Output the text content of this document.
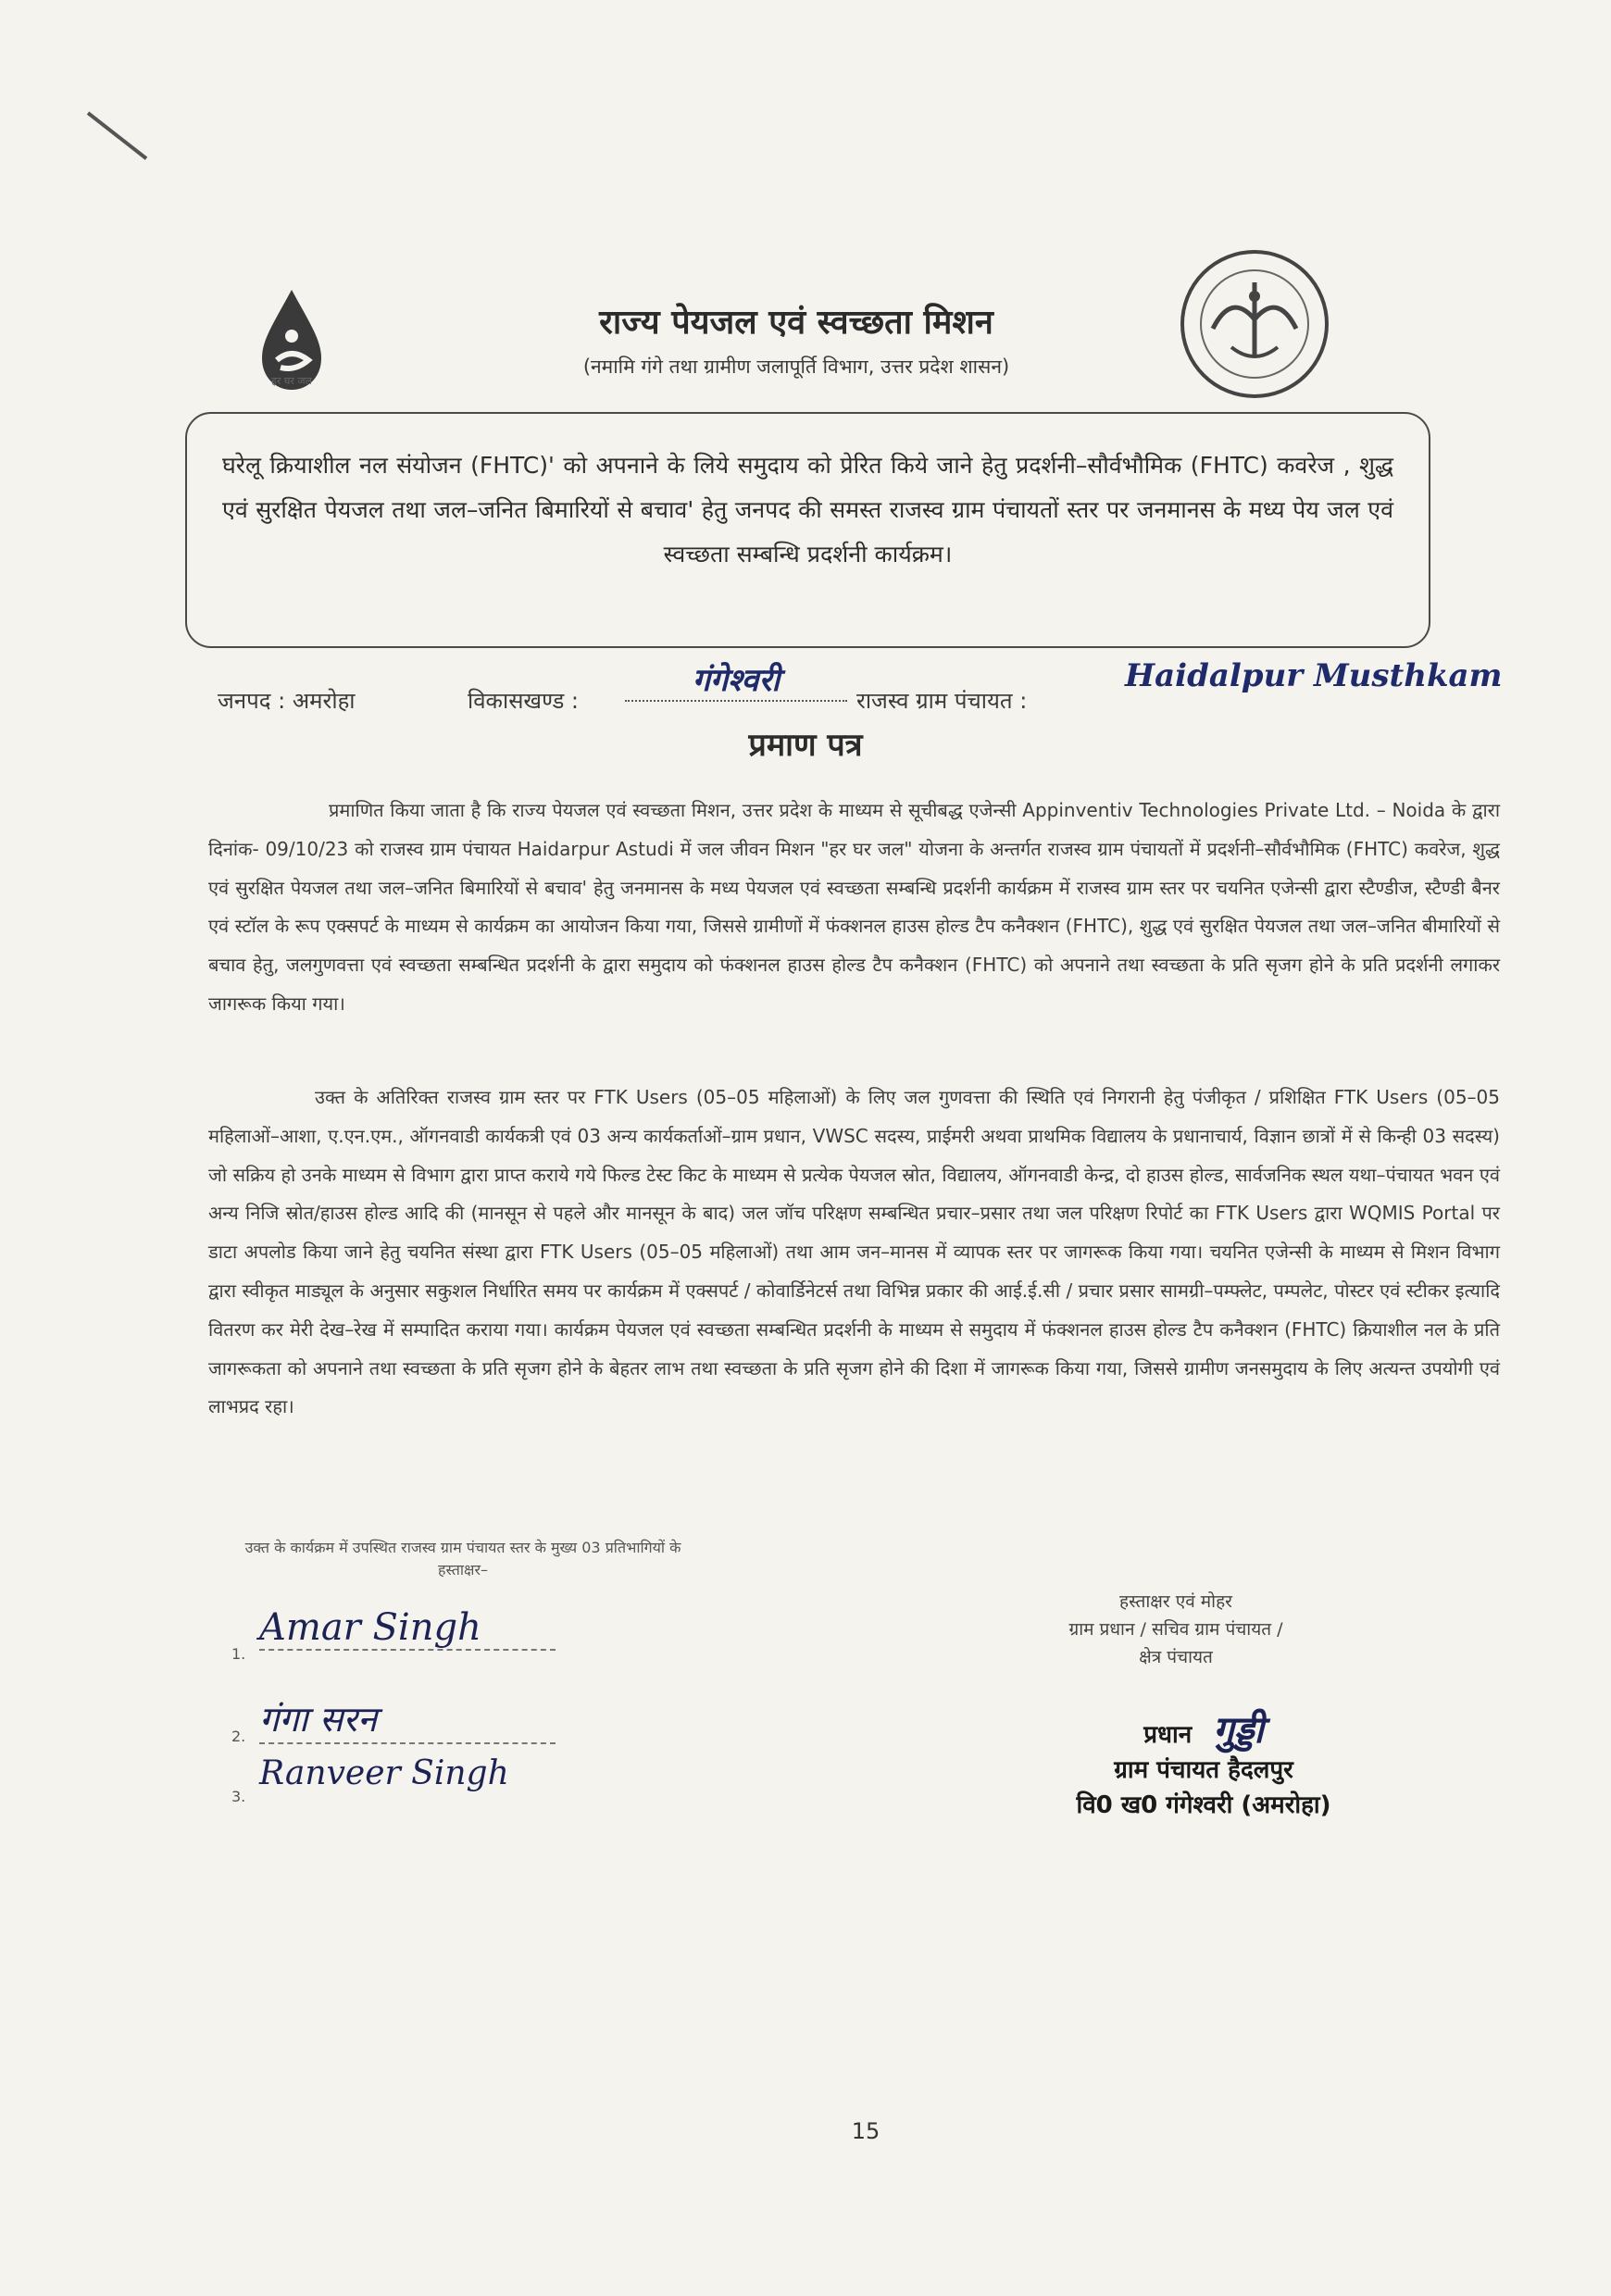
हर घर जल
राज्य पेयजल एवं स्वच्छता मिशन
(नमामि गंगे तथा ग्रामीण जलापूर्ति विभाग, उत्तर प्रदेश शासन)
घरेलू क्रियाशील नल संयोजन (FHTC)' को अपनाने के लिये समुदाय को प्रेरित किये जाने हेतु प्रदर्शनी–सौर्वभौमिक (FHTC) कवरेज , शुद्ध एवं सुरक्षित पेयजल तथा जल–जनित बिमारियों से बचाव' हेतु जनपद की समस्त राजस्व ग्राम पंचायतों स्तर पर जनमानस के मध्य पेय जल एवं स्वच्छता सम्बन्धि प्रदर्शनी कार्यक्रम।
जनपद : अमरोहा	विकासखण्ड :
गंगेश्वरी
राजस्व ग्राम पंचायत :
Haidalpur Musthkam
प्रमाण पत्र
प्रमाणित किया जाता है कि राज्य पेयजल एवं स्वच्छता मिशन, उत्तर प्रदेश के माध्यम से सूचीबद्ध एजेन्सी Appinventiv Technologies Private Ltd. – Noida के द्वारा दिनांक- 09/10/23 को राजस्व ग्राम पंचायत Haidarpur Astudi में जल जीवन मिशन "हर घर जल" योजना के अन्तर्गत राजस्व ग्राम पंचायतों में प्रदर्शनी–सौर्वभौमिक (FHTC) कवरेज, शुद्ध एवं सुरक्षित पेयजल तथा जल–जनित बिमारियों से बचाव' हेतु जनमानस के मध्य पेयजल एवं स्वच्छता सम्बन्धि प्रदर्शनी कार्यक्रम में राजस्व ग्राम स्तर पर चयनित एजेन्सी द्वारा स्टैण्डीज, स्टैण्डी बैनर एवं स्टॉल के रूप एक्सपर्ट के माध्यम से कार्यक्रम का आयोजन किया गया, जिससे ग्रामीणों में फंक्शनल हाउस होल्ड टैप कनैक्शन (FHTC), शुद्ध एवं सुरक्षित पेयजल तथा जल–जनित बीमारियों से बचाव हेतु, जलगुणवत्ता एवं स्वच्छता सम्बन्धित प्रदर्शनी के द्वारा समुदाय को फंक्शनल हाउस होल्ड टैप कनैक्शन (FHTC) को अपनाने तथा स्वच्छता के प्रति सृजग होने के प्रति प्रदर्शनी लगाकर जागरूक किया गया।
उक्त के अतिरिक्त राजस्व ग्राम स्तर पर FTK Users (05–05 महिलाओं) के लिए जल गुणवत्ता की स्थिति एवं निगरानी हेतु पंजीकृत / प्रशिक्षित FTK Users (05–05 महिलाओं–आशा, ए.एन.एम., ऑगनवाडी कार्यकत्री एवं 03 अन्य कार्यकर्ताओं–ग्राम प्रधान, VWSC सदस्य, प्राईमरी अथवा प्राथमिक विद्यालय के प्रधानाचार्य, विज्ञान छात्रों में से किन्ही 03 सदस्य) जो सक्रिय हो उनके माध्यम से विभाग द्वारा प्राप्त कराये गये फिल्ड टेस्ट किट के माध्यम से प्रत्येक पेयजल स्रोत, विद्यालय, ऑगनवाडी केन्द्र, दो हाउस होल्ड, सार्वजनिक स्थल यथा–पंचायत भवन एवं अन्य निजि स्रोत/हाउस होल्ड आदि की (मानसून से पहले और मानसून के बाद) जल जॉच परिक्षण सम्बन्धित प्रचार–प्रसार तथा जल परिक्षण रिपोर्ट का FTK Users द्वारा WQMIS Portal पर डाटा अपलोड किया जाने हेतु चयनित संस्था द्वारा FTK Users (05–05 महिलाओं) तथा आम जन–मानस में व्यापक स्तर पर जागरूक किया गया। चयनित एजेन्सी के माध्यम से मिशन विभाग द्वारा स्वीकृत माड्यूल के अनुसार सकुशल निर्धारित समय पर कार्यक्रम में एक्सपर्ट / कोवार्डिनेटर्स तथा विभिन्न प्रकार की आई.ई.सी / प्रचार प्रसार सामग्री–पम्फ्लेट, पम्पलेट, पोस्टर एवं स्टीकर इत्यादि वितरण कर मेरी देख–रेख में सम्पादित कराया गया। कार्यक्रम पेयजल एवं स्वच्छता सम्बन्धित प्रदर्शनी के माध्यम से समुदाय में फंक्शनल हाउस होल्ड टैप कनैक्शन (FHTC) क्रियाशील नल के प्रति जागरूकता को अपनाने तथा स्वच्छता के प्रति सृजग होने के बेहतर लाभ तथा स्वच्छता के प्रति सृजग होने की दिशा में जागरूक किया गया, जिससे ग्रामीण जनसमुदाय के लिए अत्यन्त उपयोगी एवं लाभप्रद रहा।
उक्त के कार्यक्रम में उपस्थित राजस्व ग्राम पंचायत स्तर के मुख्य 03 प्रतिभागियों के हस्ताक्षर–
1.
Amar Singh
2. गंगा सरन
3.
Ranveer Singh
हस्ताक्षर एवं मोहर
ग्राम प्रधान / सचिव ग्राम पंचायत /
क्षेत्र पंचायत
प्रधान गुड्डी
ग्राम पंचायत हैदलपुर
वि0 ख0 गंगेश्वरी (अमरोहा)
15
